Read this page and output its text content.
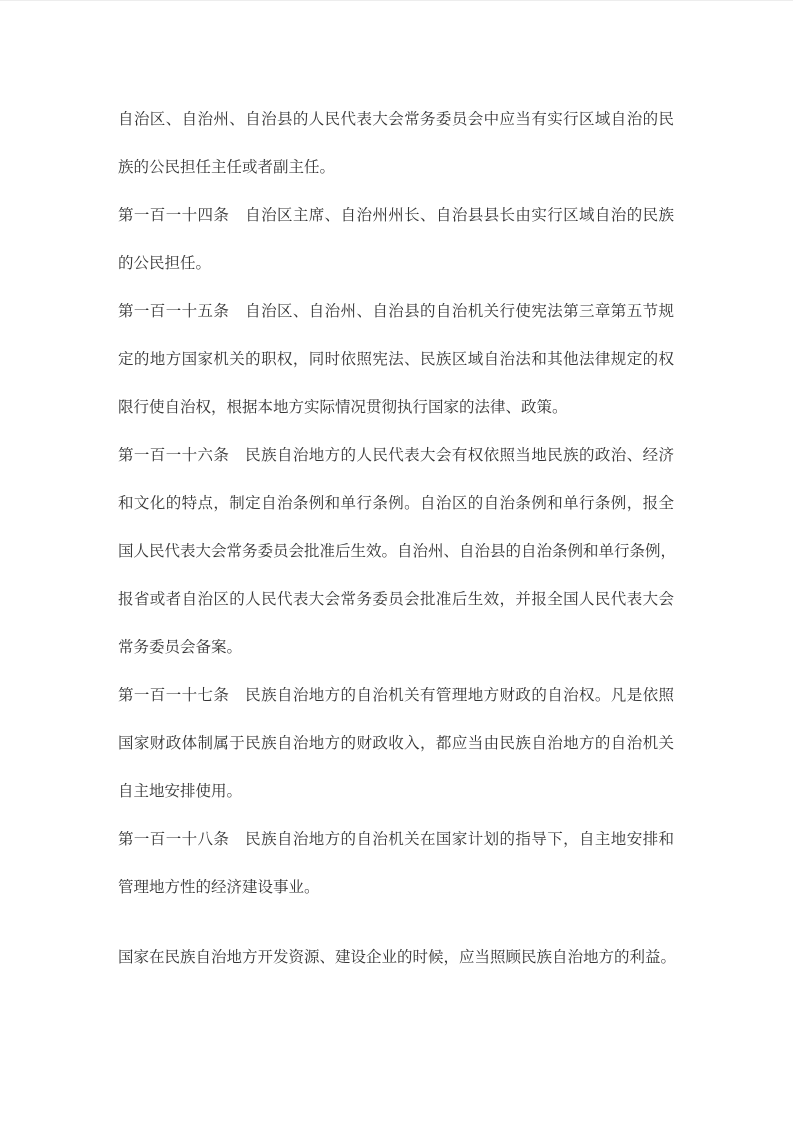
自治区、自治州、自治县的人民代表大会常务委员会中应当有实行区域自治的民
族的公民担任主任或者副主任。
第一百一十四条　自治区主席、自治州州长、自治县县长由实行区域自治的民族
的公民担任。
第一百一十五条　自治区、自治州、自治县的自治机关行使宪法第三章第五节规
定的地方国家机关的职权，同时依照宪法、民族区域自治法和其他法律规定的权
限行使自治权，根据本地方实际情况贯彻执行国家的法律、政策。
第一百一十六条　民族自治地方的人民代表大会有权依照当地民族的政治、经济
和文化的特点，制定自治条例和单行条例。自治区的自治条例和单行条例，报全
国人民代表大会常务委员会批准后生效。自治州、自治县的自治条例和单行条例，
报省或者自治区的人民代表大会常务委员会批准后生效，并报全国人民代表大会
常务委员会备案。
第一百一十七条　民族自治地方的自治机关有管理地方财政的自治权。凡是依照
国家财政体制属于民族自治地方的财政收入，都应当由民族自治地方的自治机关
自主地安排使用。
第一百一十八条　民族自治地方的自治机关在国家计划的指导下，自主地安排和
管理地方性的经济建设事业。
国家在民族自治地方开发资源、建设企业的时候，应当照顾民族自治地方的利益。
